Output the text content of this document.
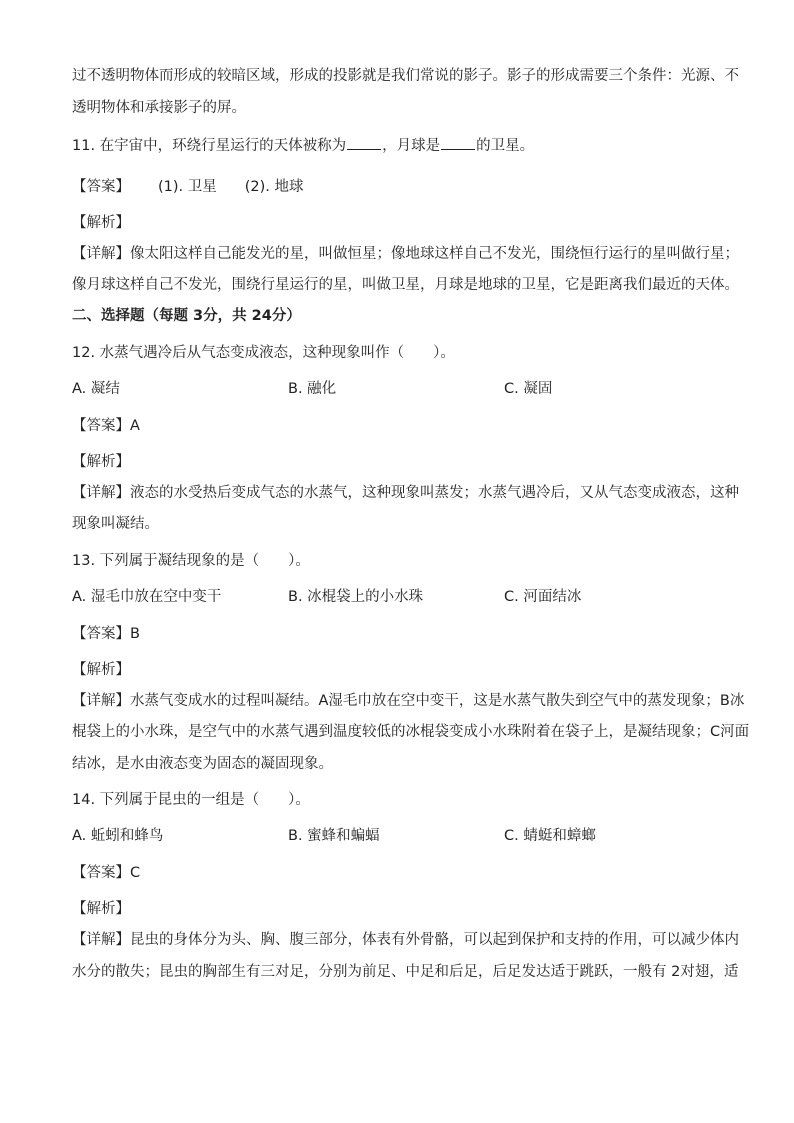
过不透明物体而形成的较暗区域，形成的投影就是我们常说的影子。影子的形成需要三个条件：光源、不
透明物体和承接影子的屏。
11. 在宇宙中，环绕行星运行的天体被称为 ，月球是 的卫星。
【答案】 (1). 卫星 (2). 地球
【解析】
【详解】像太阳这样自己能发光的星，叫做恒星；像地球这样自己不发光，围绕恒行运行的星叫做行星；
像月球这样自己不发光，围绕行星运行的星，叫做卫星，月球是地球的卫星，它是距离我们最近的天体。
二、选择题（每题 3分，共 24分）
12. 水蒸气遇冷后从气态变成液态，这种现象叫作（　　）。
A. 凝结	B. 融化	C. 凝固
【答案】A
【解析】
【详解】液态的水受热后变成气态的水蒸气，这种现象叫蒸发；水蒸气遇冷后，又从气态变成液态，这种
现象叫凝结。
13. 下列属于凝结现象的是（　　）。
A. 湿毛巾放在空中变干	B. 冰棍袋上的小水珠	C. 河面结冰
【答案】B
【解析】
【详解】水蒸气变成水的过程叫凝结。A湿毛巾放在空中变干，这是水蒸气散失到空气中的蒸发现象；B冰
棍袋上的小水珠，是空气中的水蒸气遇到温度较低的冰棍袋变成小水珠附着在袋子上，是凝结现象；C河面
结冰，是水由液态变为固态的凝固现象。
14. 下列属于昆虫的一组是（　　）。
A. 蚯蚓和蜂鸟	B. 蜜蜂和蝙蝠	C. 蜻蜓和蟑螂
【答案】C
【解析】
【详解】昆虫的身体分为头、胸、腹三部分，体表有外骨骼，可以起到保护和支持的作用，可以减少体内
水分的散失；昆虫的胸部生有三对足，分别为前足、中足和后足，后足发达适于跳跃，一般有 2对翅，适
